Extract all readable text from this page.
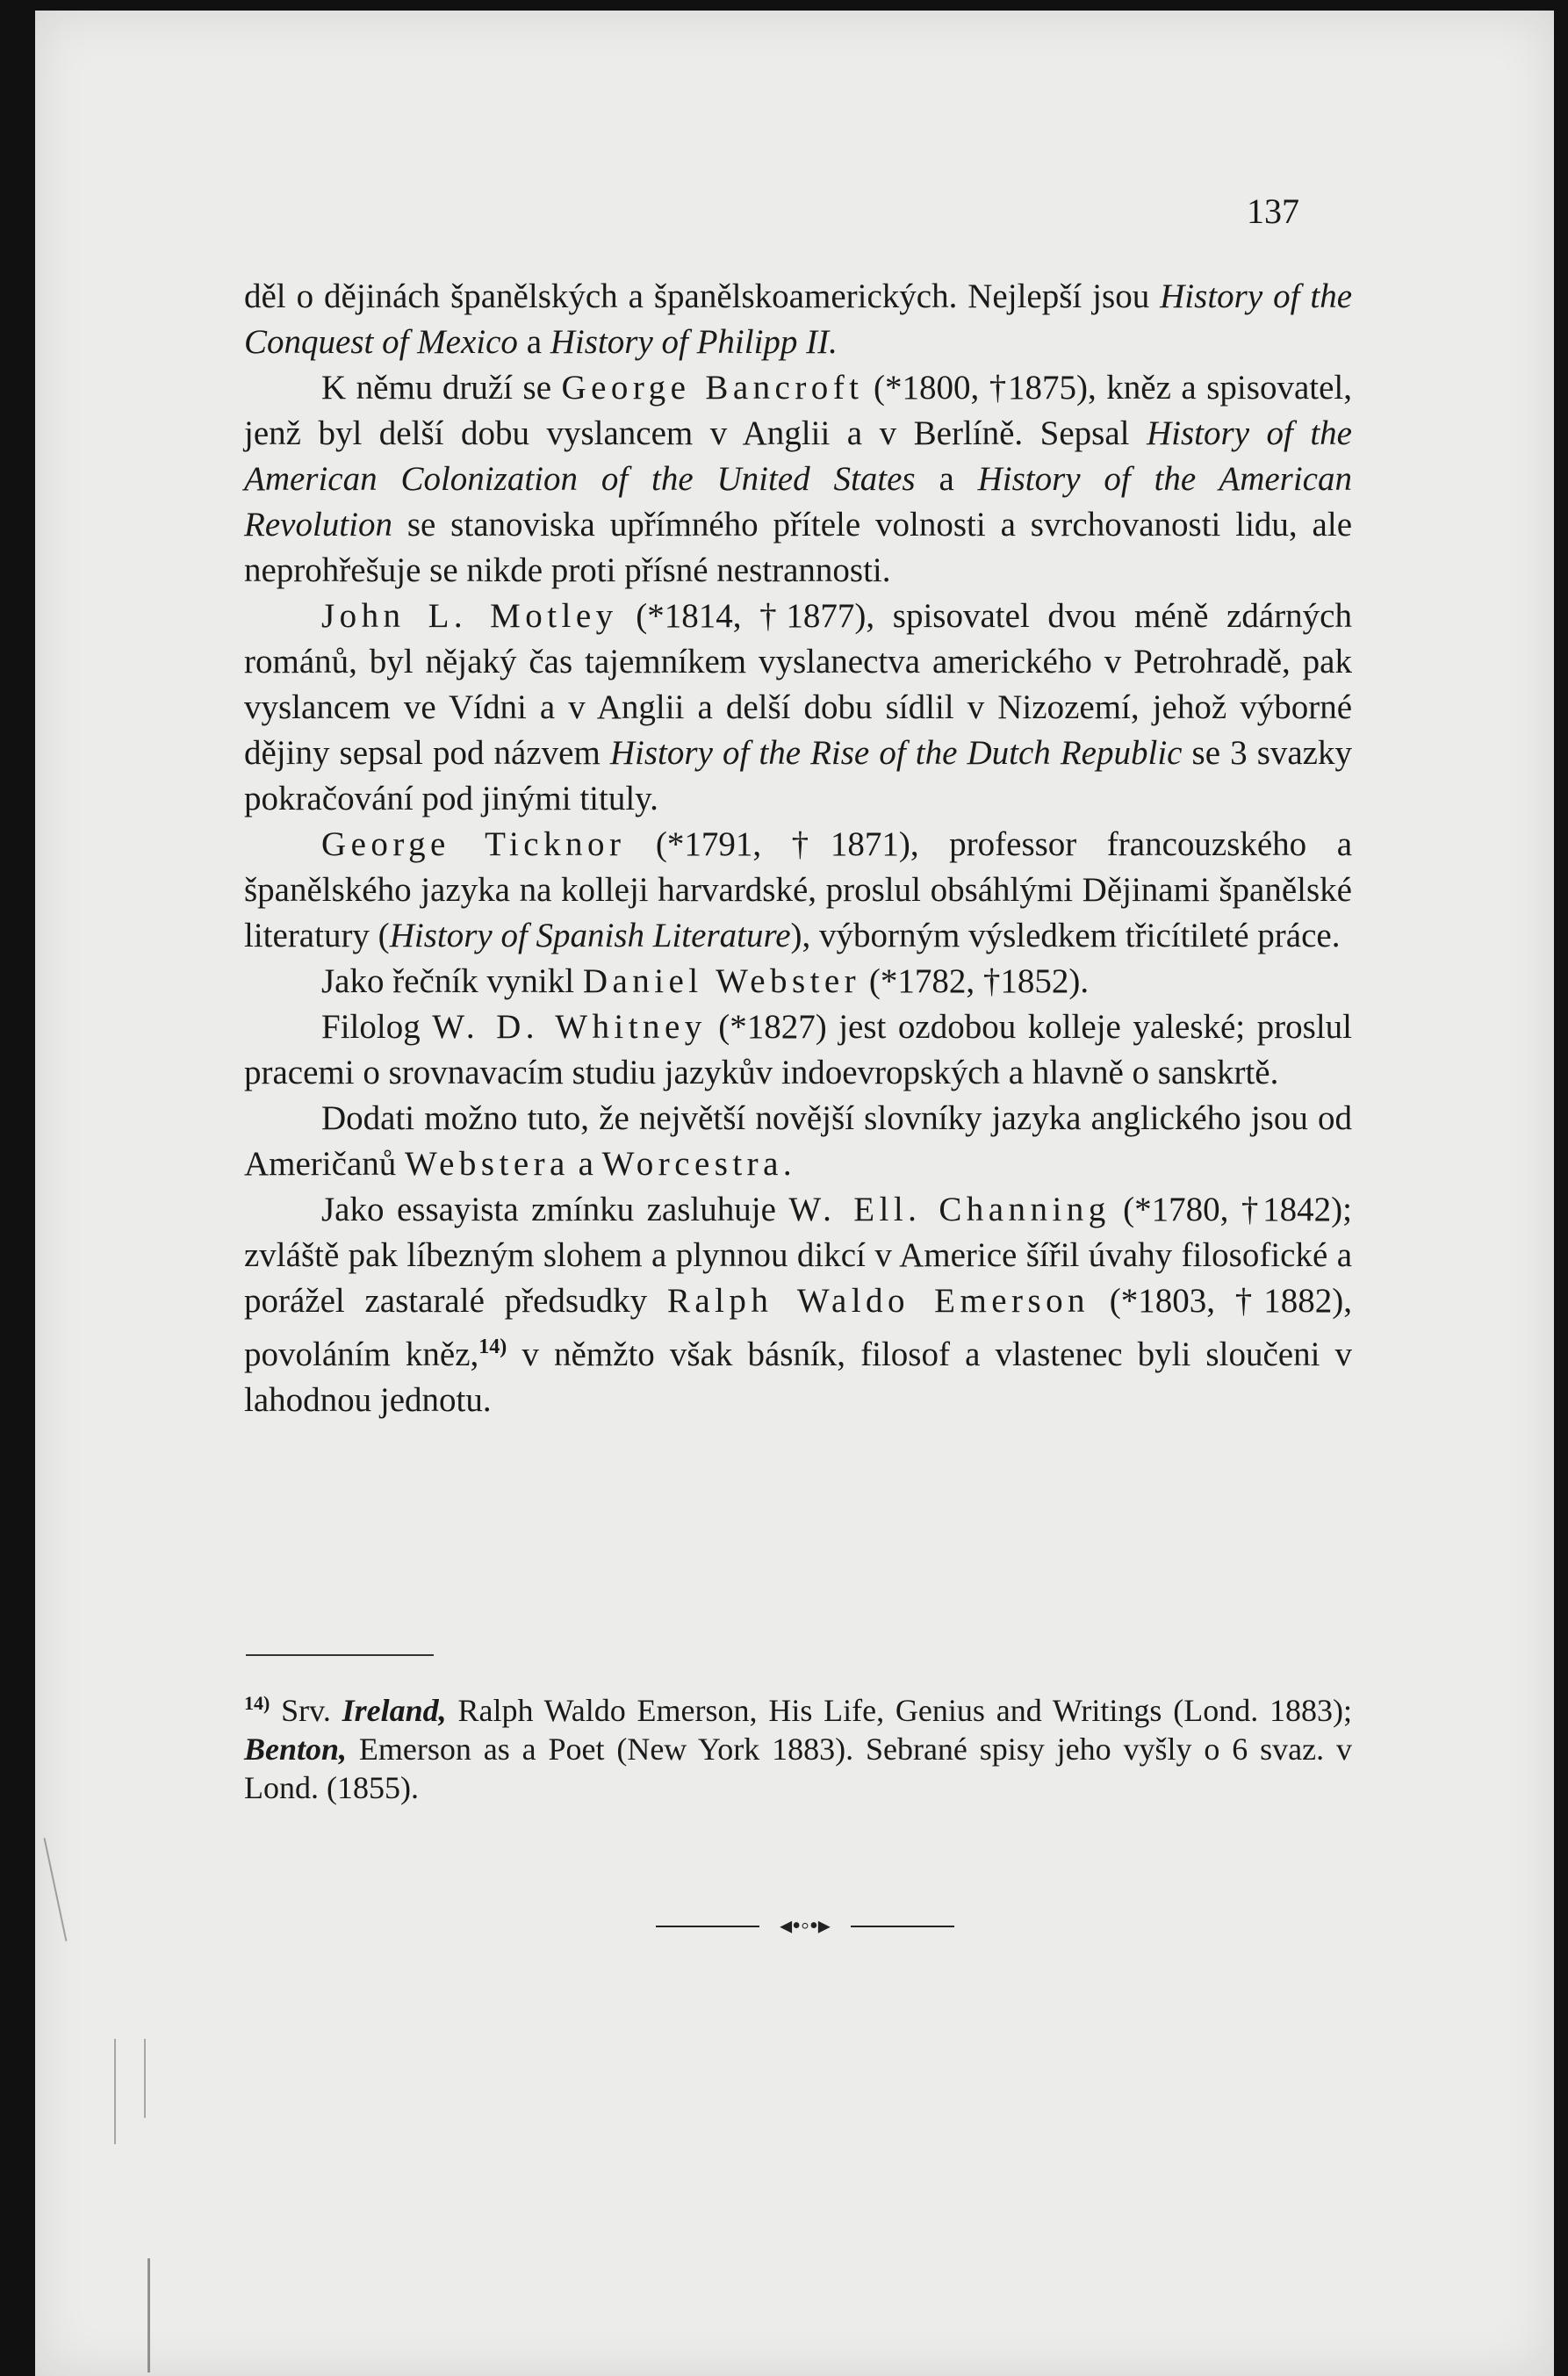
137

děl o dějinách španělských a španělskoamerických. Nejlepší jsou History of the Conquest of Mexico a History of Philipp II.

K němu druží se George Bancroft (*1800, †1875), kněz a spisovatel, jenž byl delší dobu vyslancem v Anglii a v Berlíně. Sepsal History of the American Colonization of the United States a History of the American Revolution se stanoviska upřímného přítele volnosti a svrchovanosti lidu, ale neprohřešuje se nikde proti přísné nestrannosti.

John L. Motley (*1814, †1877), spisovatel dvou méně zdárných románů, byl nějaký čas tajemníkem vyslanectva amerického v Petrohradě, pak vyslancem ve Vídni a v Anglii a delší dobu sídlil v Nizozemí, jehož výborné dějiny sepsal pod názvem History of the Rise of the Dutch Republic se 3 svazky pokračování pod jinými tituly.

George Ticknor (*1791, †1871), professor francouzského a španělského jazyka na kolleji harvardské, proslul obsáhlými Dějinami španělské literatury (History of Spanish Literature), výborným výsledkem třicítileté práce.

Jako řečník vynikl Daniel Webster (*1782, †1852).

Filolog W. D. Whitney (*1827) jest ozdobou kolleje yaleské; proslul pracemi o srovnavacím studiu jazykův indoevropských a hlavně o sanskrtě.

Dodati možno tuto, že největší novější slovníky jazyka anglického jsou od Američanů Webstera a Worcestra.

Jako essayista zmínku zasluhuje W. Ell. Channing (*1780, †1842); zvláště pak líbezným slohem a plynnou dikcí v Americe šířil úvahy filosofické a porážel zastaralé předsudky Ralph Waldo Emerson (*1803, †1882), povoláním kněz,$^{14)}$ v němžto však básník, filosof a vlastenec byli sloučeni v lahodnou jednotu.

$^{14)}$ Srv. Ireland, Ralph Waldo Emerson, His Life, Genius and Writings (Lond. 1883); Benton, Emerson as a Poet (New York 1883). Sebrané spisy jeho vyšly o 6 svaz. v Lond. (1855).
◂•◦•▸
